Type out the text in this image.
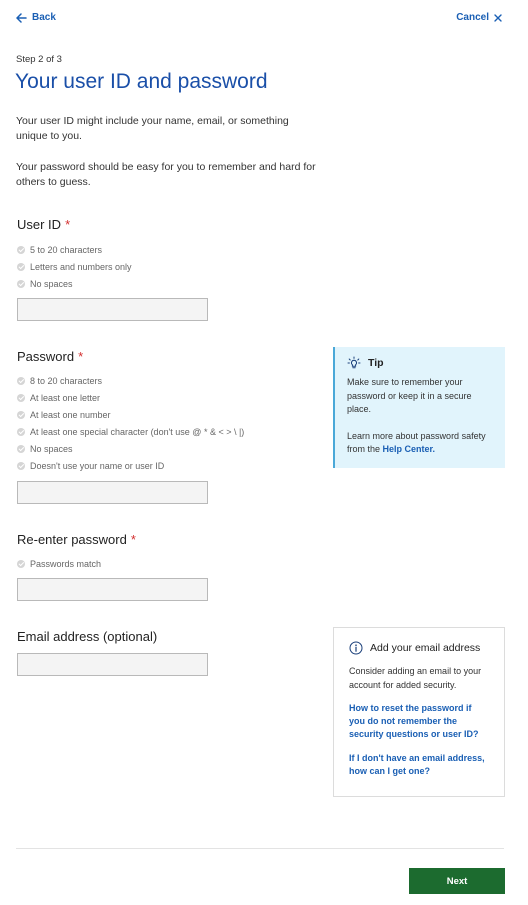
Back	Cancel
Step 2 of 3
Your user ID and password

Your user ID might include your name, email, or something unique to you.

Your password should be easy for you to remember and hard for others to guess.

User ID *
5 to 20 characters
Letters and numbers only
No spaces
Password *
8 to 20 characters
At least one letter
At least one number
At least one special character (don't use @ * & < > \ |)
No spaces
Doesn't use your name or user ID
Re-enter password *
Passwords match
Email address (optional)
Tip

Make sure to remember your password or keep it in a secure place.

Learn more about password safety from the Help Center.

Add your email address

Consider adding an email to your account for added security.

How to reset the password if you do not remember the security questions or user ID?
If I don't have an email address, how can I get one?
Next
